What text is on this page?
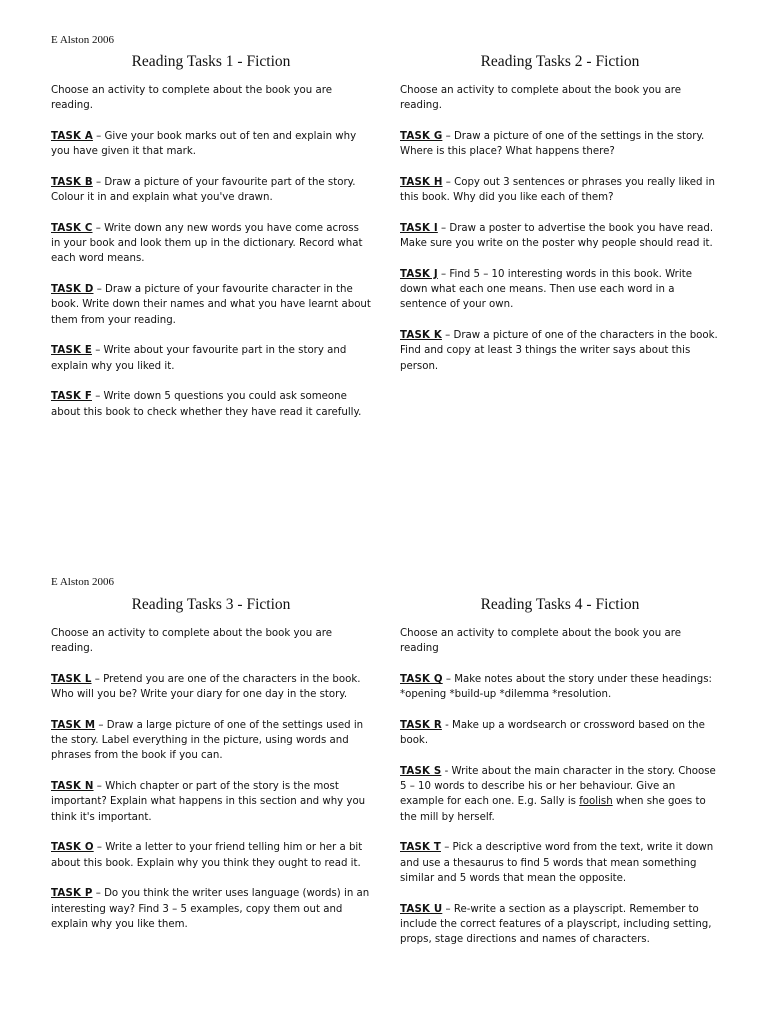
E Alston 2006
Reading Tasks 1 - Fiction

Choose an activity to complete about the book you are reading.

TASK A – Give your book marks out of ten and explain why you have given it that mark.

TASK B – Draw a picture of your favourite part of the story. Colour it in and explain what you've drawn.

TASK C – Write down any new words you have come across in your book and look them up in the dictionary. Record what each word means.

TASK D – Draw a picture of your favourite character in the book. Write down their names and what you have learnt about them from your reading.

TASK E – Write about your favourite part in the story and explain why you liked it.

TASK F – Write down 5 questions you could ask someone about this book to check whether they have read it carefully.

Reading Tasks 2 - Fiction

Choose an activity to complete about the book you are reading.

TASK G – Draw a picture of one of the settings in the story. Where is this place? What happens there?

TASK H – Copy out 3 sentences or phrases you really liked in this book. Why did you like each of them?

TASK I – Draw a poster to advertise the book you have read. Make sure you write on the poster why people should read it.

TASK J – Find 5 – 10 interesting words in this book. Write down what each one means. Then use each word in a sentence of your own.

TASK K – Draw a picture of one of the characters in the book. Find and copy at least 3 things the writer says about this person.

E Alston 2006
Reading Tasks 3 - Fiction

Choose an activity to complete about the book you are reading.

TASK L – Pretend you are one of the characters in the book. Who will you be? Write your diary for one day in the story.

TASK M – Draw a large picture of one of the settings used in the story. Label everything in the picture, using words and phrases from the book if you can.

TASK N – Which chapter or part of the story is the most important? Explain what happens in this section and why you think it's important.

TASK O – Write a letter to your friend telling him or her a bit about this book. Explain why you think they ought to read it.

TASK P – Do you think the writer uses language (words) in an interesting way? Find 3 – 5 examples, copy them out and explain why you like them.

Reading Tasks 4 - Fiction

Choose an activity to complete about the book you are reading

TASK Q – Make notes about the story under these headings: *opening *build-up *dilemma *resolution.

TASK R - Make up a wordsearch or crossword based on the book.

TASK S - Write about the main character in the story. Choose 5 – 10 words to describe his or her behaviour. Give an example for each one. E.g. Sally is foolish when she goes to the mill by herself.

TASK T – Pick a descriptive word from the text, write it down and use a thesaurus to find 5 words that mean something similar and 5 words that mean the opposite.

TASK U – Re-write a section as a playscript. Remember to include the correct features of a playscript, including setting, props, stage directions and names of characters.
